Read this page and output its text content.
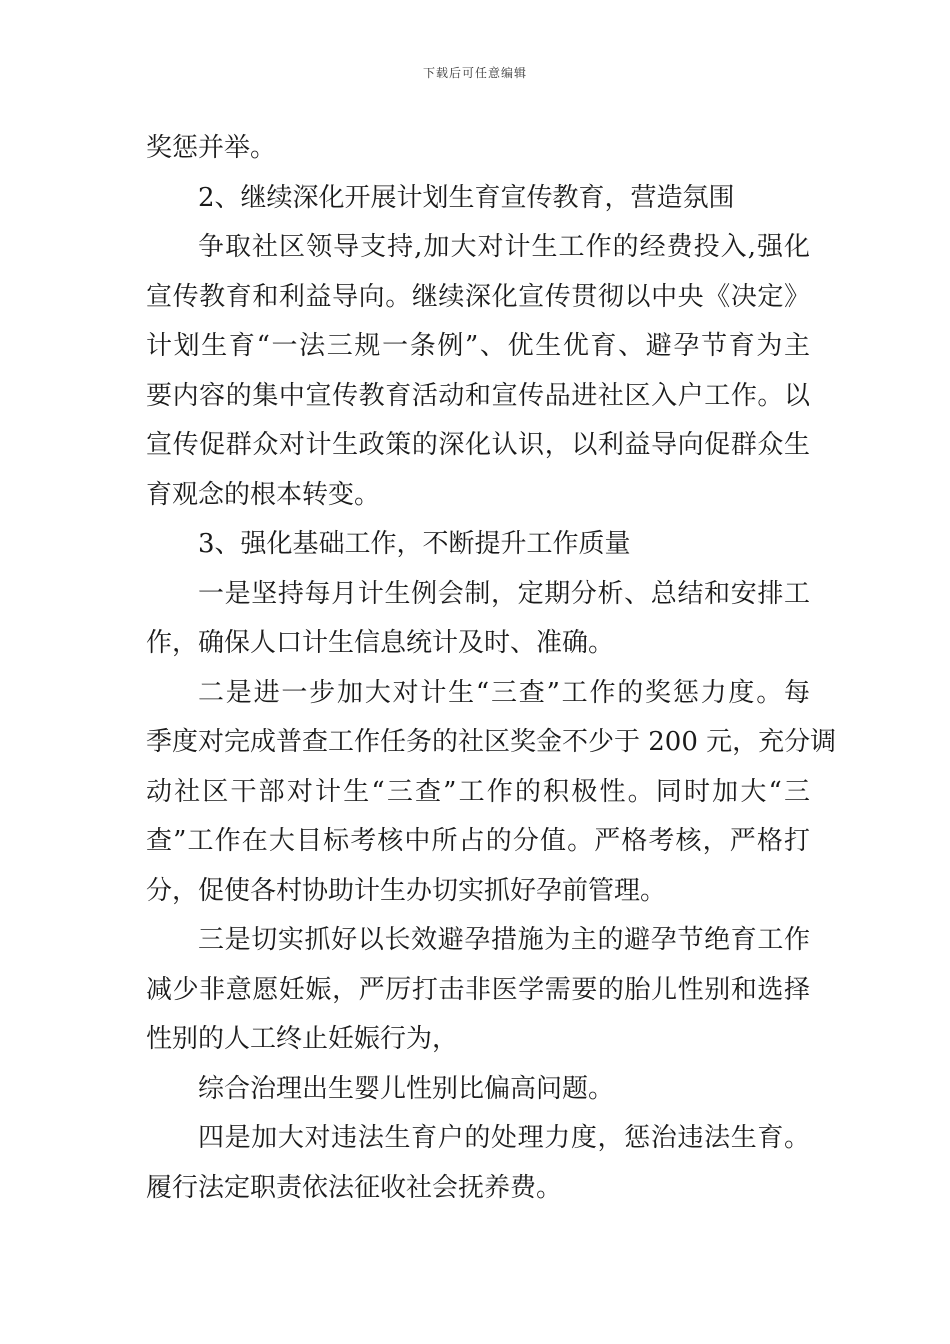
下载后可任意编辑
奖惩并举。
2、继续深化开展计划生育宣传教育，营造氛围
争取社区领导支持,加大对计生工作的经费投入,强化
宣传教育和利益导向。继续深化宣传贯彻以中央《决定》
计划生育“一法三规一条例”、优生优育、避孕节育为主
要内容的集中宣传教育活动和宣传品进社区入户工作。以
宣传促群众对计生政策的深化认识，以利益导向促群众生
育观念的根本转变。
3、强化基础工作，不断提升工作质量
一是坚持每月计生例会制，定期分析、总结和安排工
作，确保人口计生信息统计及时、准确。
二是进一步加大对计生“三查”工作的奖惩力度。每
季度对完成普查工作任务的社区奖金不少于 200 元，充分调
动社区干部对计生“三查”工作的积极性。同时加大“三
查”工作在大目标考核中所占的分值。严格考核，严格打
分，促使各村协助计生办切实抓好孕前管理。
三是切实抓好以长效避孕措施为主的避孕节绝育工作
减少非意愿妊娠，严厉打击非医学需要的胎儿性别和选择
性别的人工终止妊娠行为，
综合治理出生婴儿性别比偏高问题。
四是加大对违法生育户的处理力度，惩治违法生育。
履行法定职责依法征收社会抚养费。
